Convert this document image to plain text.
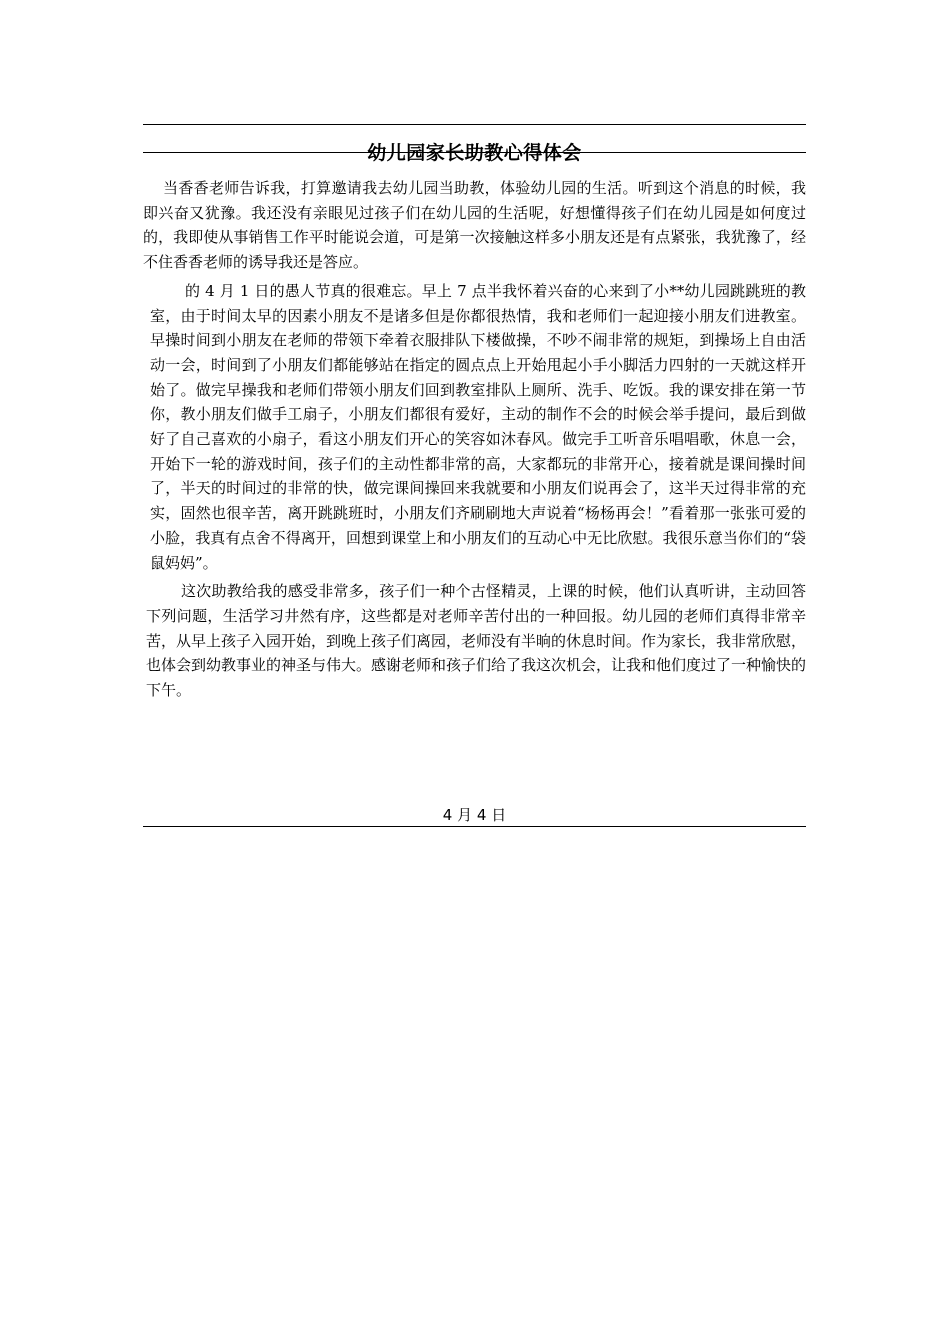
幼儿园家长助教心得体会

当香香老师告诉我，打算邀请我去幼儿园当助教，体验幼儿园的生活。听到这个消息的时候，我即兴奋又犹豫。我还没有亲眼见过孩子们在幼儿园的生活呢，好想懂得孩子们在幼儿园是如何度过的，我即使从事销售工作平时能说会道，可是第一次接触这样多小朋友还是有点紧张，我犹豫了，经不住香香老师的诱导我还是答应。

的 4 月 1 日的愚人节真的很难忘。早上 7 点半我怀着兴奋的心来到了小**幼儿园跳跳班的教室，由于时间太早的因素小朋友不是诸多但是你都很热情，我和老师们一起迎接小朋友们进教室。早操时间到小朋友在老师的带领下牵着衣服排队下楼做操，不吵不闹非常的规矩，到操场上自由活动一会，时间到了小朋友们都能够站在指定的圆点点上开始甩起小手小脚活力四射的一天就这样开始了。做完早操我和老师们带领小朋友们回到教室排队上厕所、洗手、吃饭。我的课安排在第一节你，教小朋友们做手工扇子，小朋友们都很有爱好，主动的制作不会的时候会举手提问，最后到做好了自己喜欢的小扇子，看这小朋友们开心的笑容如沐春风。做完手工听音乐唱唱歌，休息一会，开始下一轮的游戏时间，孩子们的主动性都非常的高，大家都玩的非常开心，接着就是课间操时间了，半天的时间过的非常的快，做完课间操回来我就要和小朋友们说再会了，这半天过得非常的充实，固然也很辛苦，离开跳跳班时，小朋友们齐刷刷地大声说着“杨杨再会！”看着那一张张可爱的小脸，我真有点舍不得离开，回想到课堂上和小朋友们的互动心中无比欣慰。我很乐意当你们的“袋鼠妈妈”。

这次助教给我的感受非常多，孩子们一种个古怪精灵，上课的时候，他们认真听讲，主动回答下列问题，生活学习井然有序，这些都是对老师辛苦付出的一种回报。幼儿园的老师们真得非常辛苦，从早上孩子入园开始，到晚上孩子们离园，老师没有半晌的休息时间。作为家长，我非常欣慰，也体会到幼教事业的神圣与伟大。感谢老师和孩子们给了我这次机会，让我和他们度过了一种愉快的下午。

4 月 4 日
